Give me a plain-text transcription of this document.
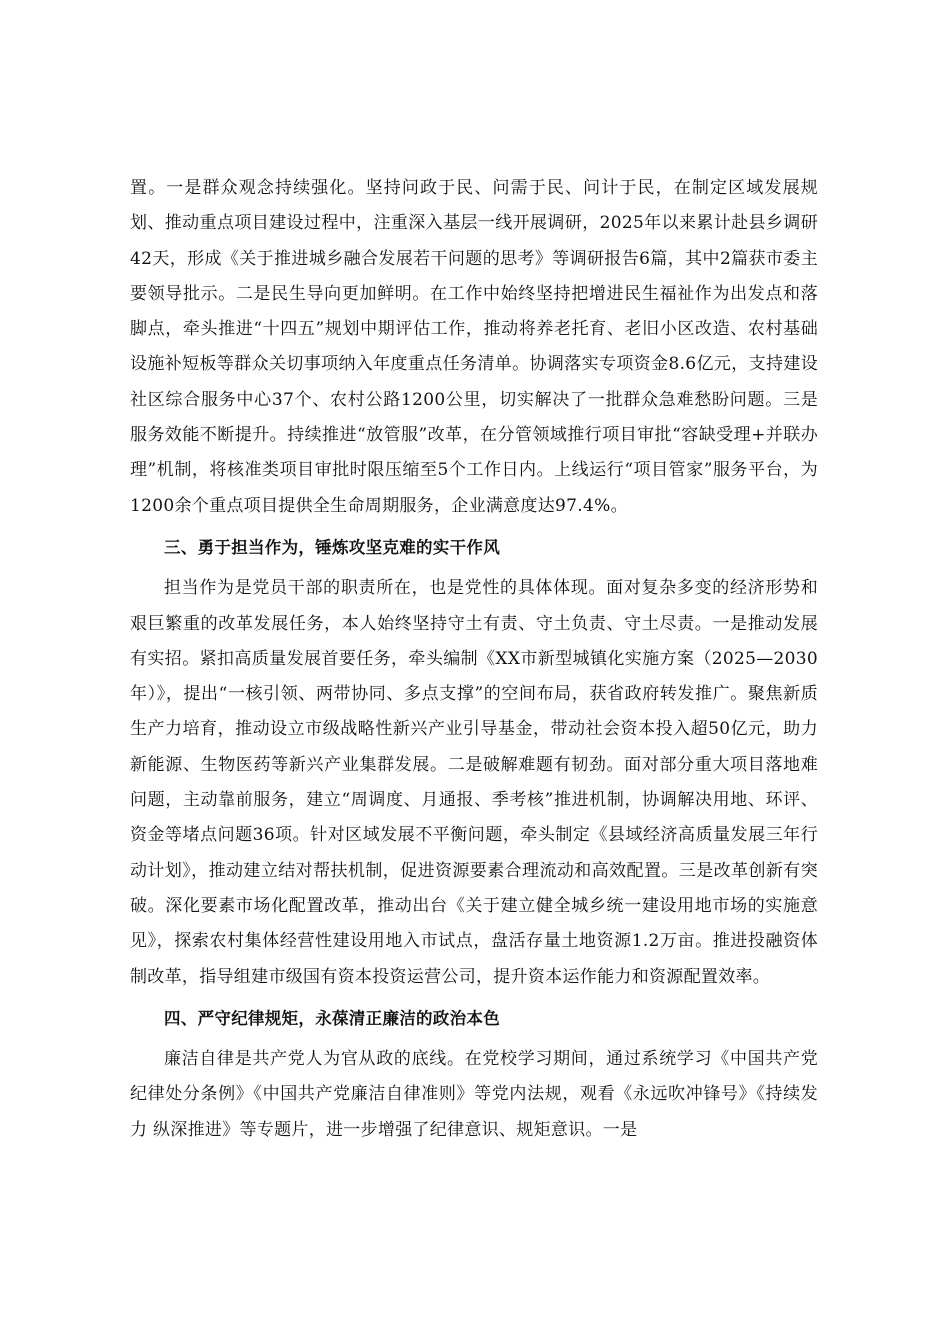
置。一是群众观念持续强化。坚持问政于民、问需于民、问计于民，在制定区域发展规划、推动重点项目建设过程中，注重深入基层一线开展调研，2025年以来累计赴县乡调研42天，形成《关于推进城乡融合发展若干问题的思考》等调研报告6篇，其中2篇获市委主要领导批示。二是民生导向更加鲜明。在工作中始终坚持把增进民生福祉作为出发点和落脚点，牵头推进“十四五”规划中期评估工作，推动将养老托育、老旧小区改造、农村基础设施补短板等群众关切事项纳入年度重点任务清单。协调落实专项资金8.6亿元，支持建设社区综合服务中心37个、农村公路1200公里，切实解决了一批群众急难愁盼问题。三是服务效能不断提升。持续推进“放管服”改革，在分管领域推行项目审批“容缺受理+并联办理”机制，将核准类项目审批时限压缩至5个工作日内。上线运行“项目管家”服务平台，为1200余个重点项目提供全生命周期服务，企业满意度达97.4%。

三、勇于担当作为，锤炼攻坚克难的实干作风

担当作为是党员干部的职责所在，也是党性的具体体现。面对复杂多变的经济形势和艰巨繁重的改革发展任务，本人始终坚持守土有责、守土负责、守土尽责。一是推动发展有实招。紧扣高质量发展首要任务，牵头编制《XX市新型城镇化实施方案（2025—2030年）》，提出“一核引领、两带协同、多点支撑”的空间布局，获省政府转发推广。聚焦新质生产力培育，推动设立市级战略性新兴产业引导基金，带动社会资本投入超50亿元，助力新能源、生物医药等新兴产业集群发展。二是破解难题有韧劲。面对部分重大项目落地难问题，主动靠前服务，建立“周调度、月通报、季考核”推进机制，协调解决用地、环评、资金等堵点问题36项。针对区域发展不平衡问题，牵头制定《县域经济高质量发展三年行动计划》，推动建立结对帮扶机制，促进资源要素合理流动和高效配置。三是改革创新有突破。深化要素市场化配置改革，推动出台《关于建立健全城乡统一建设用地市场的实施意见》，探索农村集体经营性建设用地入市试点，盘活存量土地资源1.2万亩。推进投融资体制改革，指导组建市级国有资本投资运营公司，提升资本运作能力和资源配置效率。

四、严守纪律规矩，永葆清正廉洁的政治本色

廉洁自律是共产党人为官从政的底线。在党校学习期间，通过系统学习《中国共产党纪律处分条例》《中国共产党廉洁自律准则》等党内法规，观看《永远吹冲锋号》《持续发力 纵深推进》等专题片，进一步增强了纪律意识、规矩意识。一是
